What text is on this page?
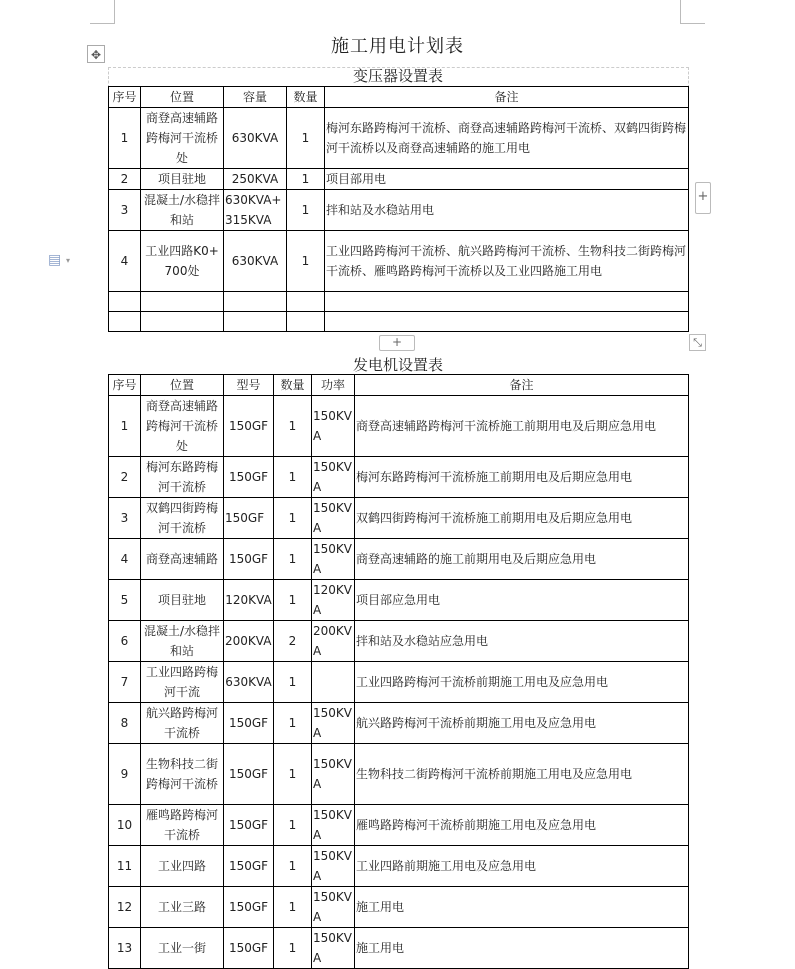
✥
▤ ▾
施工用电计划表
变压器设置表
序号	位置	容量	数量	备注
1	商登高速辅路跨梅河干流桥处	630KVA	1	梅河东路跨梅河干流桥、商登高速辅路跨梅河干流桥、双鹤四街跨梅河干流桥以及商登高速辅路的施工用电
2	项目驻地	250KVA	1	项目部用电
3	混凝土/水稳拌和站	630KVA+315KVA	1	拌和站及水稳站用电
4	工业四路K0+700处	630KVA	1	工业四路跨梅河干流桥、航兴路跨梅河干流桥、生物科技二街跨梅河干流桥、雁鸣路跨梅河干流桥以及工业四路施工用电

+
+	⤡
发电机设置表
序号	位置	型号	数量	功率	备注
1	商登高速辅路跨梅河干流桥处	150GF	1	150KVA	商登高速辅路跨梅河干流桥施工前期用电及后期应急用电
2	梅河东路跨梅河干流桥	150GF	1	150KVA	梅河东路跨梅河干流桥施工前期用电及后期应急用电
3	双鹤四街跨梅河干流桥	150GF	1	150KVA	双鹤四街跨梅河干流桥施工前期用电及后期应急用电
4	商登高速辅路	150GF	1	150KVA	商登高速辅路的施工前期用电及后期应急用电
5	项目驻地	120KVA	1	120KVA	项目部应急用电
6	混凝土/水稳拌和站	200KVA	2	200KVA	拌和站及水稳站应急用电
7	工业四路跨梅河干流	630KVA	1		工业四路跨梅河干流桥前期施工用电及应急用电
8	航兴路跨梅河干流桥	150GF	1	150KVA	航兴路跨梅河干流桥前期施工用电及应急用电
9	生物科技二街跨梅河干流桥	150GF	1	150KVA	生物科技二街跨梅河干流桥前期施工用电及应急用电
10	雁鸣路跨梅河干流桥	150GF	1	150KVA	雁鸣路跨梅河干流桥前期施工用电及应急用电
11	工业四路	150GF	1	150KVA	工业四路前期施工用电及应急用电
12	工业三路	150GF	1	150KVA	施工用电
13	工业一街	150GF	1	150KVA	施工用电
